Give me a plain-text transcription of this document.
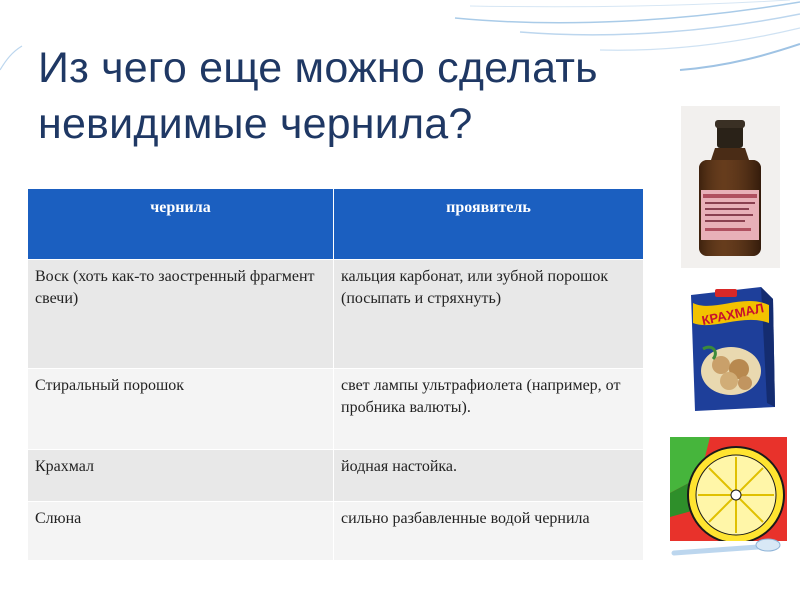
Из чего еще можно сделать
невидимые чернила?
чернила	проявитель
Воск (хоть как-то заостренный фрагмент свечи)	кальция карбонат, или зубной порошок (посыпать и стряхнуть)
Стиральный порошок	свет лампы ультрафиолета (например, от пробника валюты).
Крахмал	йодная настойка.
Слюна	сильно разбавленные водой чернила
КРАХМАЛ
